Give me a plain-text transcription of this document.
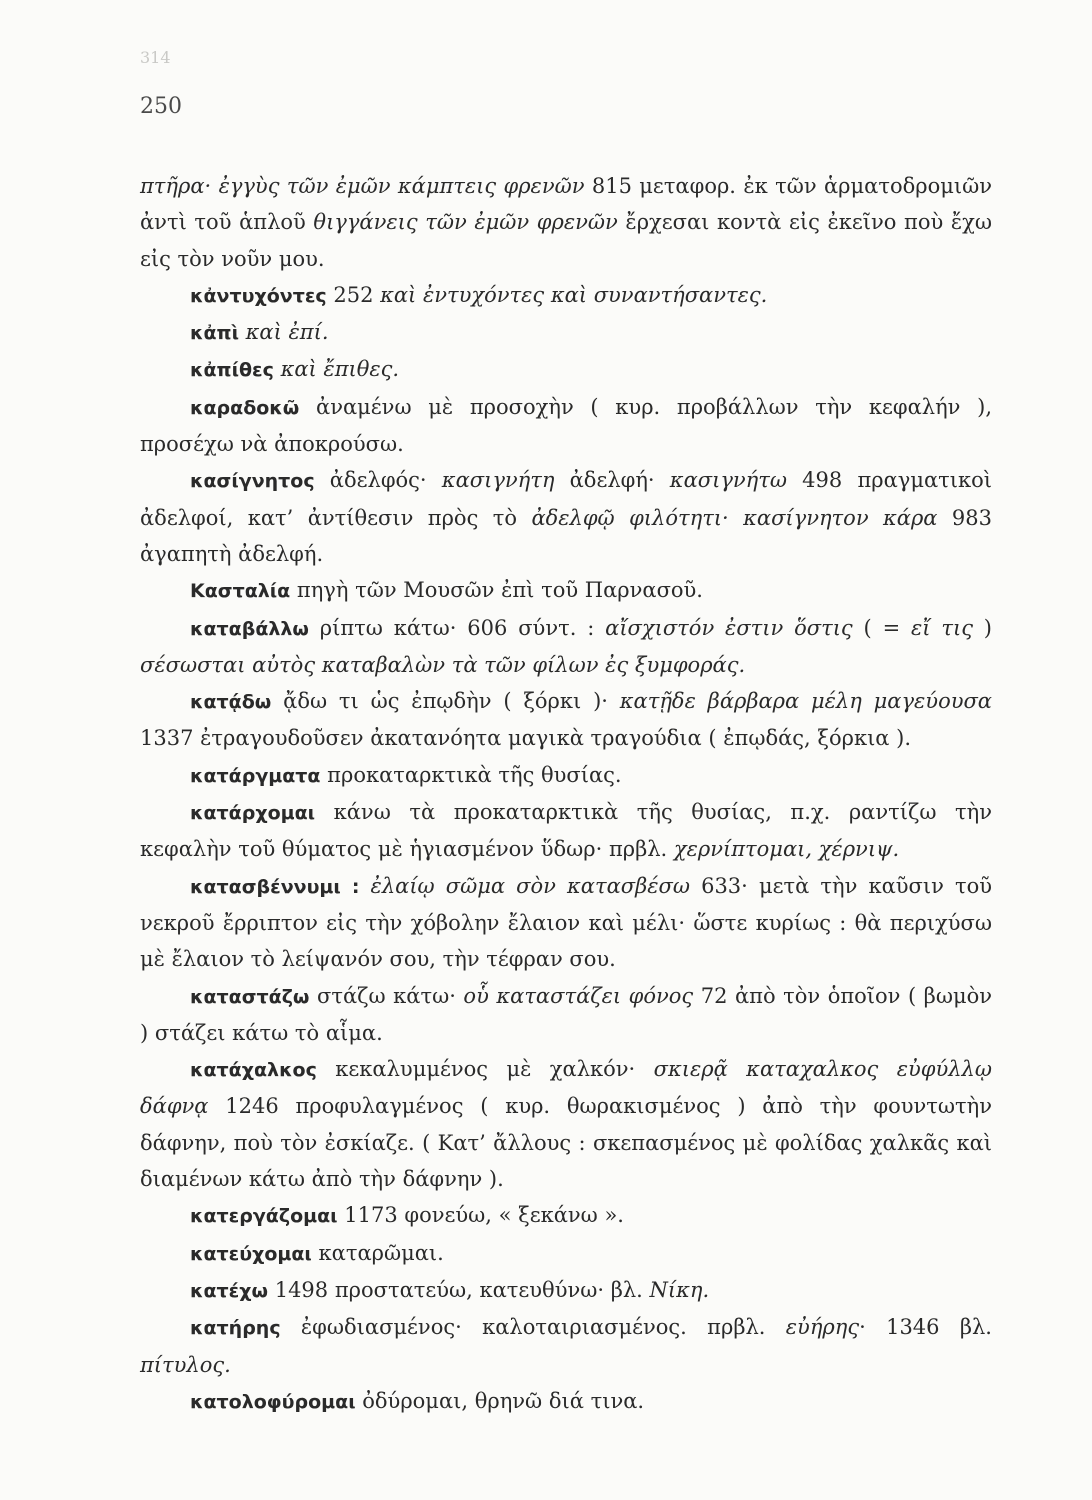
314
250

πτῆρα· ἐγγὺς τῶν ἐμῶν κάμπτεις φρενῶν 815 μεταφορ. ἐκ τῶν ἁρματοδρομιῶν ἀντὶ τοῦ ἁπλοῦ θιγγάνεις τῶν ἐμῶν φρενῶν ἔρχεσαι κοντὰ εἰς ἐκεῖνο ποὺ ἔχω εἰς τὸν νοῦν μου.

κἀντυχόντες 252 καὶ ἐντυχόντες καὶ συναντήσαντες.

κἀπὶ καὶ ἐπί.

κἀπίθες καὶ ἔπιθες.

καραδοκῶ ἀναμένω μὲ προσοχὴν ( κυρ. προβάλλων τὴν κεφαλήν ), προσέχω νὰ ἀποκρούσω.

κασίγνητος ἀδελφός· κασιγνήτη ἀδελφή· κασιγνήτω 498 πραγματικοὶ ἀδελφοί, κατ’ ἀντίθεσιν πρὸς τὸ ἀδελφῷ φιλότητι· κασίγνητον κάρα 983 ἀγαπητὴ ἀδελφή.

Κασταλία πηγὴ τῶν Μουσῶν ἐπὶ τοῦ Παρνασοῦ.

καταβάλλω ρίπτω κάτω· 606 σύντ. : αἴσχιστόν ἐστιν ὅστις ( = εἴ τις ) σέσωσται αὐτὸς καταβαλὼν τὰ τῶν φίλων ἐς ξυμφοράς.

κατᾴδω ᾄδω τι ὡς ἐπῳδὴν ( ξόρκι )· κατῇδε βάρβαρα μέλη μαγεύουσα 1337 ἐτραγουδοῦσεν ἀκατανόητα μαγικὰ τραγούδια ( ἐπῳδάς, ξόρκια ).

κατάργματα προκαταρκτικὰ τῆς θυσίας.

κατάρχομαι κάνω τὰ προκαταρκτικὰ τῆς θυσίας, π.χ. ραντίζω τὴν κεφαλὴν τοῦ θύματος μὲ ἡγιασμένον ὕδωρ· πρβλ. χερνίπτομαι, χέρνιψ.

κατασβέννυμι : ἐλαίῳ σῶμα σὸν κατασβέσω 633· μετὰ τὴν καῦσιν τοῦ νεκροῦ ἔρριπτον εἰς τὴν χόβολην ἔλαιον καὶ μέλι· ὥστε κυρίως : θὰ περιχύσω μὲ ἔλαιον τὸ λείψανόν σου, τὴν τέφραν σου.

καταστάζω στάζω κάτω· οὗ καταστάζει φόνος 72 ἀπὸ τὸν ὁποῖον ( βωμὸν ) στάζει κάτω τὸ αἷμα.

κατάχαλκος κεκαλυμμένος μὲ χαλκόν· σκιερᾷ καταχαλκος εὐφύλλῳ δάφνᾳ 1246 προφυλαγμένος ( κυρ. θωρακισμένος ) ἀπὸ τὴν φουντωτὴν δάφνην, ποὺ τὸν ἐσκίαζε. ( Κατ’ ἄλλους : σκεπασμένος μὲ φολίδας χαλκᾶς καὶ διαμένων κάτω ἀπὸ τὴν δάφνην ).

κατεργάζομαι 1173 φονεύω, « ξεκάνω ».

κατεύχομαι καταρῶμαι.

κατέχω 1498 προστατεύω, κατευθύνω· βλ. Νίκη.

κατήρης ἐφωδιασμένος· καλοταιριασμένος. πρβλ. εὐήρης· 1346 βλ. πίτυλος.

κατολοφύρομαι ὀδύρομαι, θρηνῶ διά τινα.
